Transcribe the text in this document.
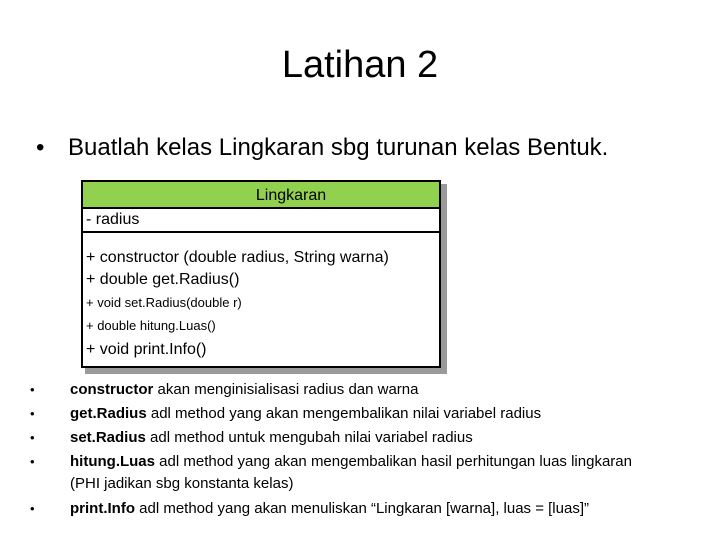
Latihan 2
• Buatlah kelas Lingkaran sbg turunan kelas Bentuk.
Lingkaran
- radius
+ constructor (double radius, String warna)
+ double get.Radius()
+ void set.Radius(double r)
+ double hitung.Luas()
+ void print.Info()
• constructor akan menginisialisasi radius dan warna
• get.Radius adl method yang akan mengembalikan nilai variabel radius
• set.Radius adl method untuk mengubah nilai variabel radius
• hitung.Luas adl method yang akan mengembalikan hasil perhitungan luas lingkaran
(PHI jadikan sbg konstanta kelas)
• print.Info adl method yang akan menuliskan “Lingkaran [warna], luas = [luas]”
